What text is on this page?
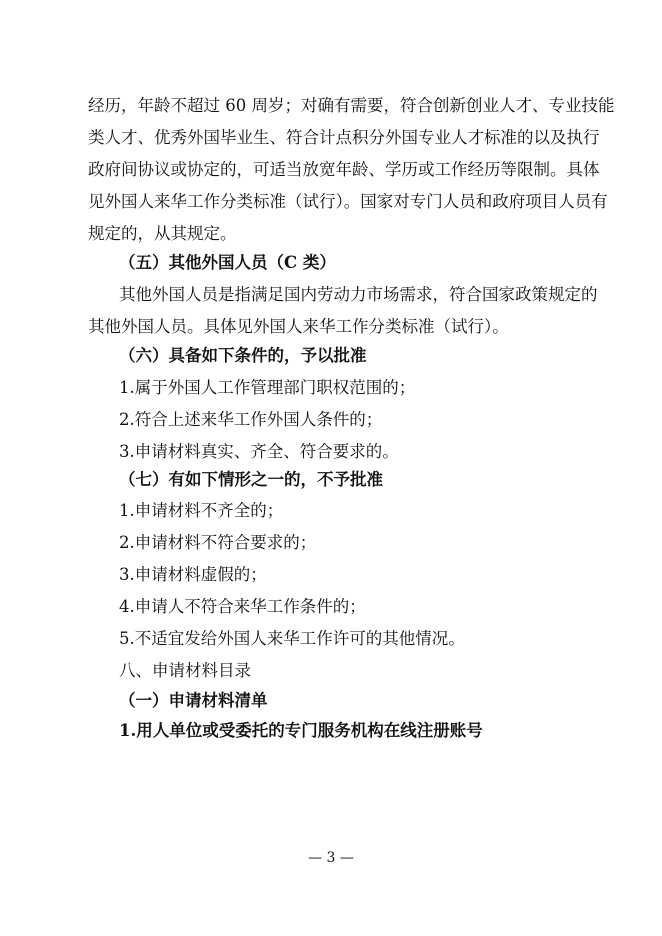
经历，年龄不超过 60 周岁；对确有需要，符合创新创业人才、专业技能
类人才、优秀外国毕业生、符合计点积分外国专业人才标准的以及执行
政府间协议或协定的，可适当放宽年龄、学历或工作经历等限制。具体
见外国人来华工作分类标准（试行）。国家对专门人员和政府项目人员有
规定的，从其规定。
（五）其他外国人员（C 类）
其他外国人员是指满足国内劳动力市场需求，符合国家政策规定的
其他外国人员。具体见外国人来华工作分类标准（试行）。
（六）具备如下条件的，予以批准
1.属于外国人工作管理部门职权范围的；
2.符合上述来华工作外国人条件的；
3.申请材料真实、齐全、符合要求的。
（七）有如下情形之一的，不予批准
1.申请材料不齐全的；
2.申请材料不符合要求的；
3.申请材料虚假的；
4.申请人不符合来华工作条件的；
5.不适宜发给外国人来华工作许可的其他情况。
八、申请材料目录
（一）申请材料清单
1.用人单位或受委托的专门服务机构在线注册账号
— 3 —
